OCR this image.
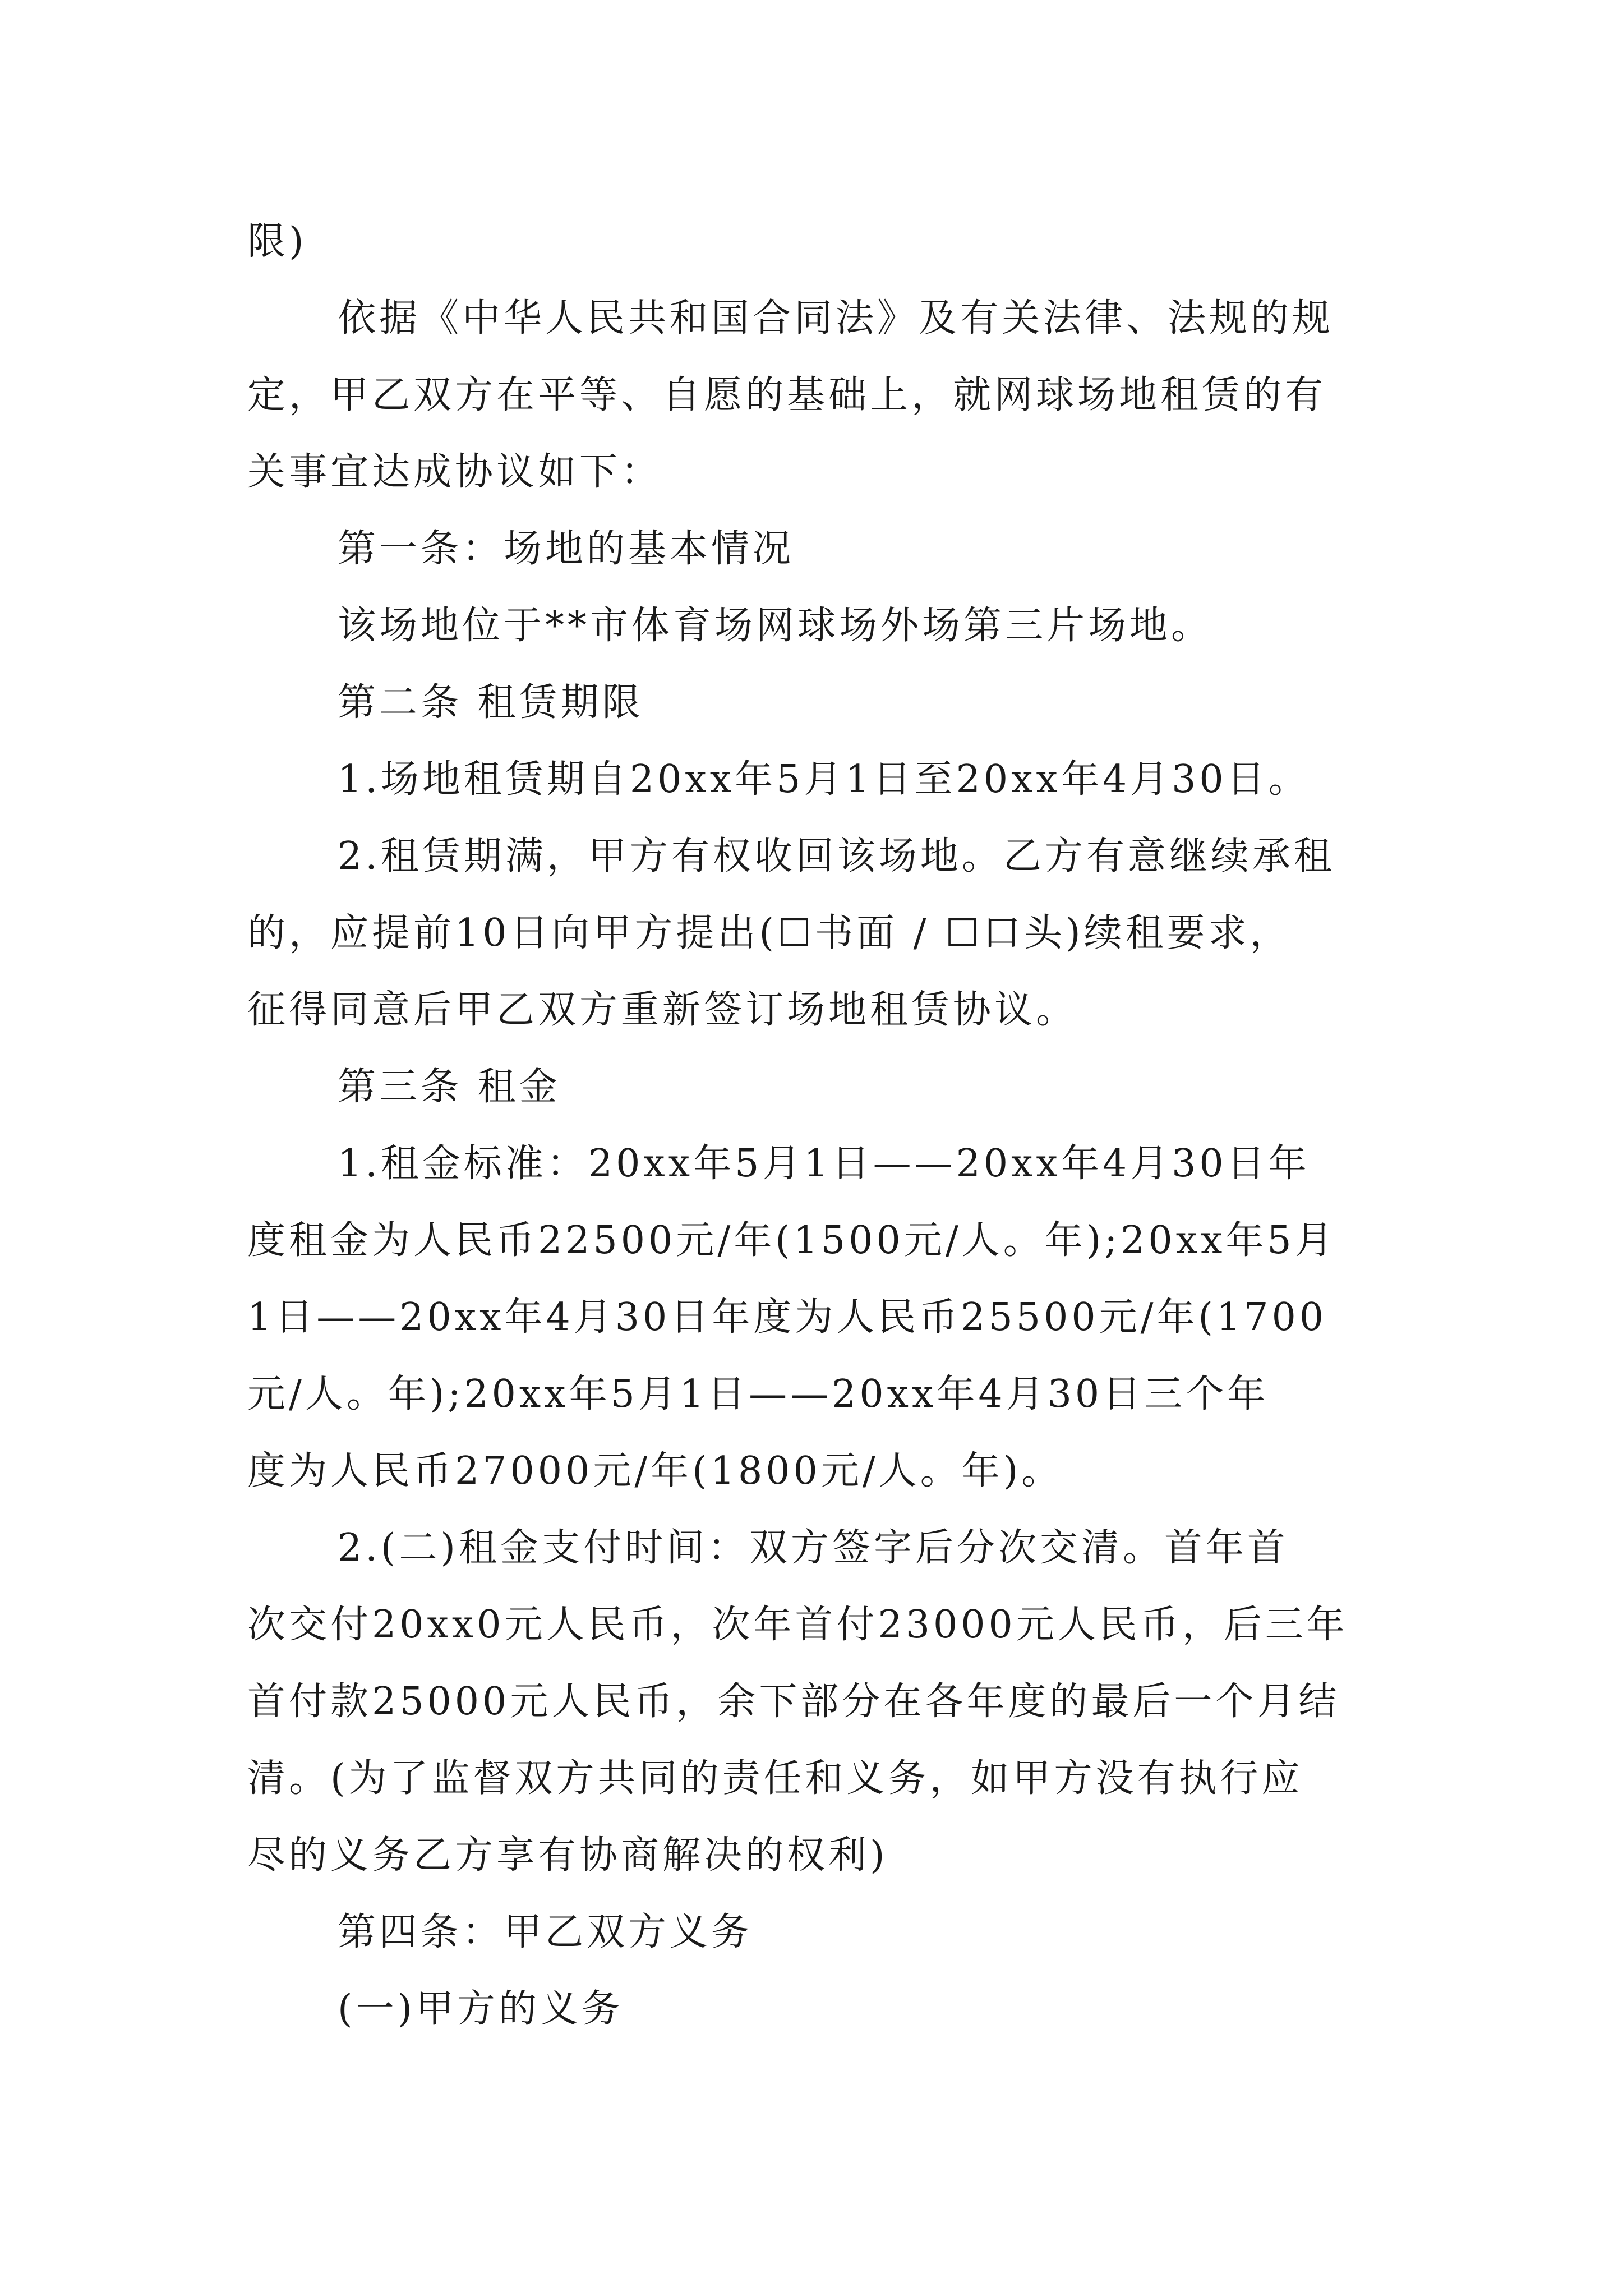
限)
依据《中华人民共和国合同法》及有关法律、法规的规
定，甲乙双方在平等、自愿的基础上，就网球场地租赁的有
关事宜达成协议如下：
第一条：场地的基本情况
该场地位于**市体育场网球场外场第三片场地。
第二条 租赁期限
1.场地租赁期自20xx年5月1日至20xx年4月30日。
2.租赁期满，甲方有权收回该场地。乙方有意继续承租
的，应提前10日向甲方提出(☐书面 / ☐口头)续租要求，
征得同意后甲乙双方重新签订场地租赁协议。
第三条 租金
1.租金标准：20xx年5月1日——20xx年4月30日年
度租金为人民币22500元/年(1500元/人。年);20xx年5月
1日——20xx年4月30日年度为人民币25500元/年(1700
元/人。年);20xx年5月1日——20xx年4月30日三个年
度为人民币27000元/年(1800元/人。年)。
2.(二)租金支付时间：双方签字后分次交清。首年首
次交付20xx0元人民币，次年首付23000元人民币，后三年
首付款25000元人民币，余下部分在各年度的最后一个月结
清。(为了监督双方共同的责任和义务，如甲方没有执行应
尽的义务乙方享有协商解决的权利)
第四条：甲乙双方义务
(一)甲方的义务
